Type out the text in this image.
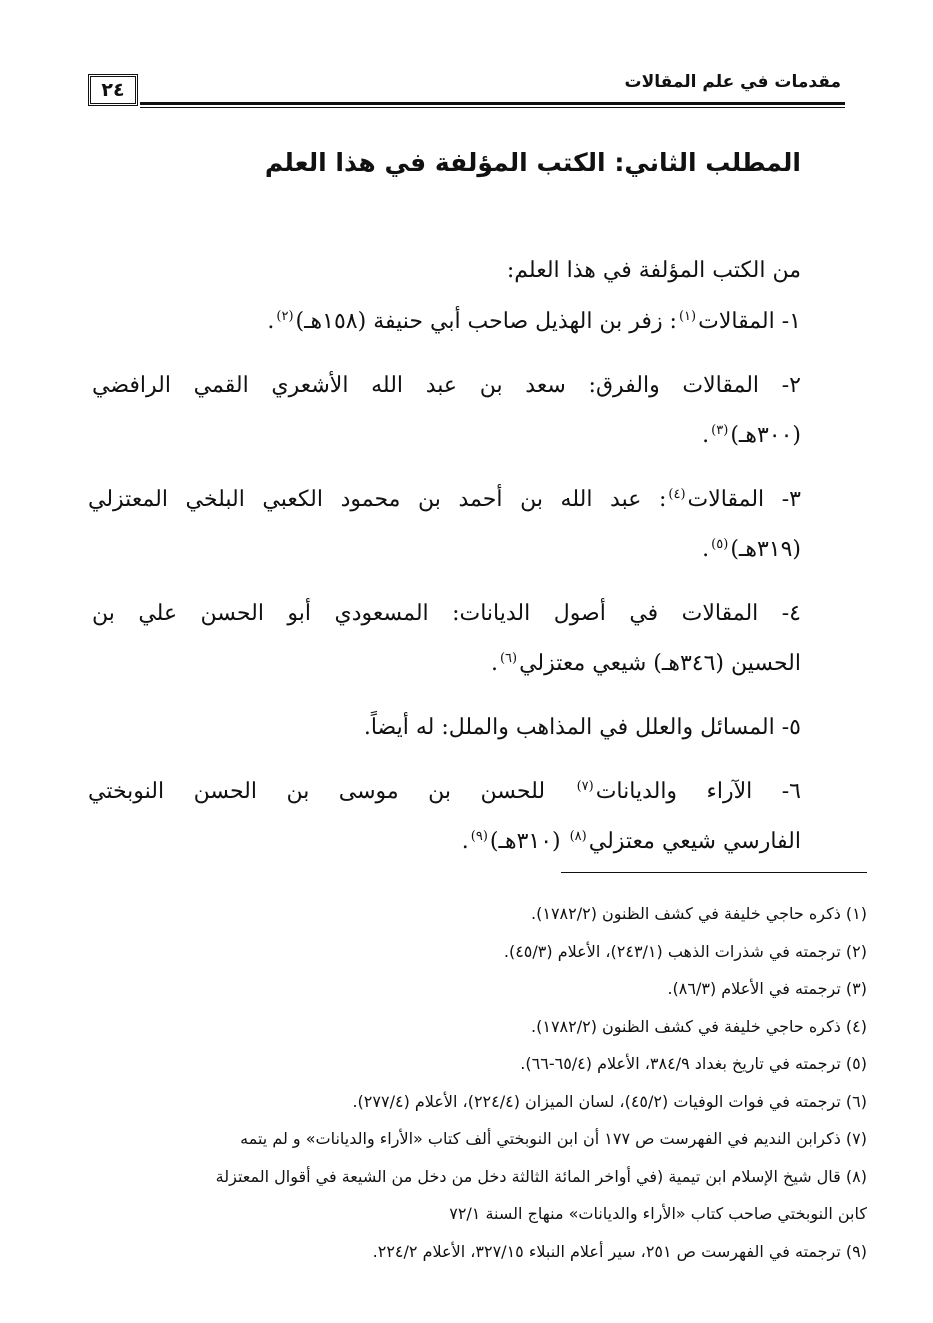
مقدمات في علم المقالات
٢٤
المطلب الثاني: الكتب المؤلفة في هذا العلم
من الكتب المؤلفة في هذا العلم:
١- المقالات$^{(١)}$: زفر بن الهذيل صاحب أبي حنيفة (١٥٨هـ)$^{(٢)}$.
٢- المقالات والفرق: سعد بن عبد الله الأشعري القمي الرافضي
(٣٠٠هـ)$^{(٣)}$.
٣- المقالات$^{(٤)}$: عبد الله بن أحمد بن محمود الكعبي البلخي المعتزلي
(٣١٩هـ)$^{(٥)}$.
٤- المقالات في أصول الديانات: المسعودي أبو الحسن علي بن
الحسين (٣٤٦هـ) شيعي معتزلي$^{(٦)}$.
٥- المسائل والعلل في المذاهب والملل: له أيضاً.
٦- الآراء والديانات$^{(٧)}$ للحسن بن موسى بن الحسن النوبختي
الفارسي شيعي معتزلي$^{(٨)}$ (٣١٠هـ)$^{(٩)}$.
(١) ذكره حاجي خليفة في كشف الظنون (١٧٨٢/٢).
(٢) ترجمته في شذرات الذهب (٢٤٣/١)، الأعلام (٤٥/٣).
(٣) ترجمته في الأعلام (٨٦/٣).
(٤) ذكره حاجي خليفة في كشف الظنون (١٧٨٢/٢).
(٥) ترجمته في تاريخ بغداد ٣٨٤/٩، الأعلام (٦٥/٤-٦٦).
(٦) ترجمته في فوات الوفيات (٤٥/٢)، لسان الميزان (٢٢٤/٤)، الأعلام (٢٧٧/٤).
(٧) ذكرابن النديم في الفهرست ص ١٧٧ أن ابن النوبختي ألف كتاب «الأراء والديانات» و لم يتمه
(٨) قال شيخ الإسلام ابن تيمية (في أواخر المائة الثالثة دخل من دخل من الشيعة في أقوال المعتزلة
كابن النوبختي صاحب كتاب «الأراء والديانات» منهاج السنة ٧٢/١
(٩) ترجمته في الفهرست ص ٢٥١، سير أعلام النبلاء ٣٢٧/١٥، الأعلام ٢٢٤/٢.
